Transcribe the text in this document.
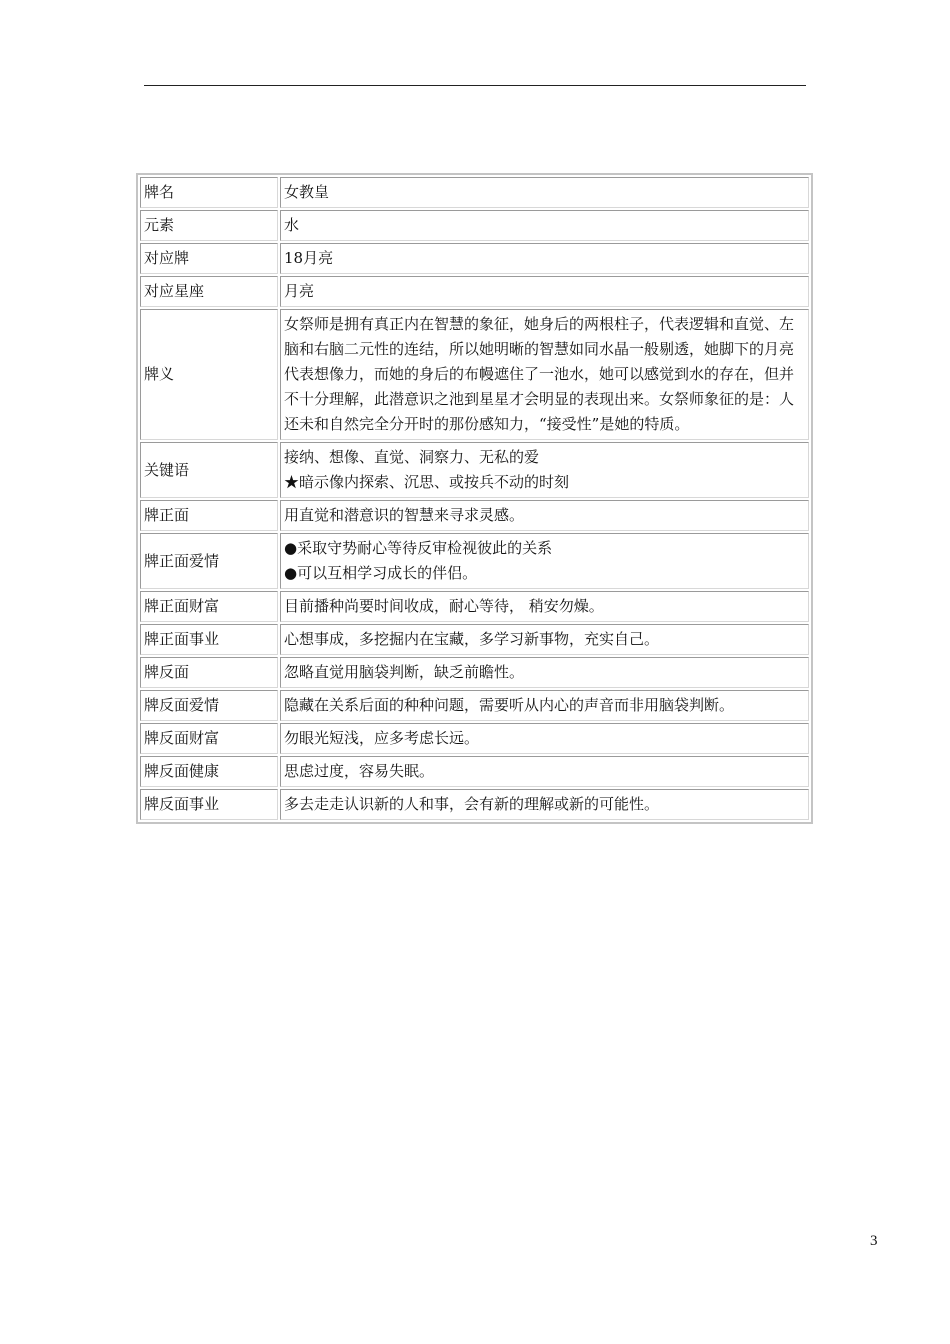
牌名	女教皇
元素	水
对应牌	18月亮
对应星座	月亮
牌义	女祭师是拥有真正内在智慧的象征，她身后的两根柱子，代表逻辑和直觉、左脑和右脑二元性的连结，所以她明晰的智慧如同水晶一般剔透，她脚下的月亮代表想像力，而她的身后的布幔遮住了一池水，她可以感觉到水的存在，但并不十分理解，此潜意识之池到星星才会明显的表现出来。女祭师象征的是：人还未和自然完全分开时的那份感知力，“接受性”是她的特质。
关键语	接纳、想像、直觉、洞察力、无私的爱
★暗示像内探索、沉思、或按兵不动的时刻

牌正面	用直觉和潜意识的智慧来寻求灵感。
牌正面爱情	●采取守势耐心等待反审检视彼此的关系
●可以互相学习成长的伴侣。

牌正面财富	目前播种尚要时间收成，耐心等待， 稍安勿燥。
牌正面事业	心想事成，多挖掘内在宝藏，多学习新事物，充实自己。
牌反面	忽略直觉用脑袋判断，缺乏前瞻性。
牌反面爱情	隐藏在关系后面的种种问题，需要听从内心的声音而非用脑袋判断。
牌反面财富	勿眼光短浅，应多考虑长远。
牌反面健康	思虑过度，容易失眠。
牌反面事业	多去走走认识新的人和事，会有新的理解或新的可能性。
3
